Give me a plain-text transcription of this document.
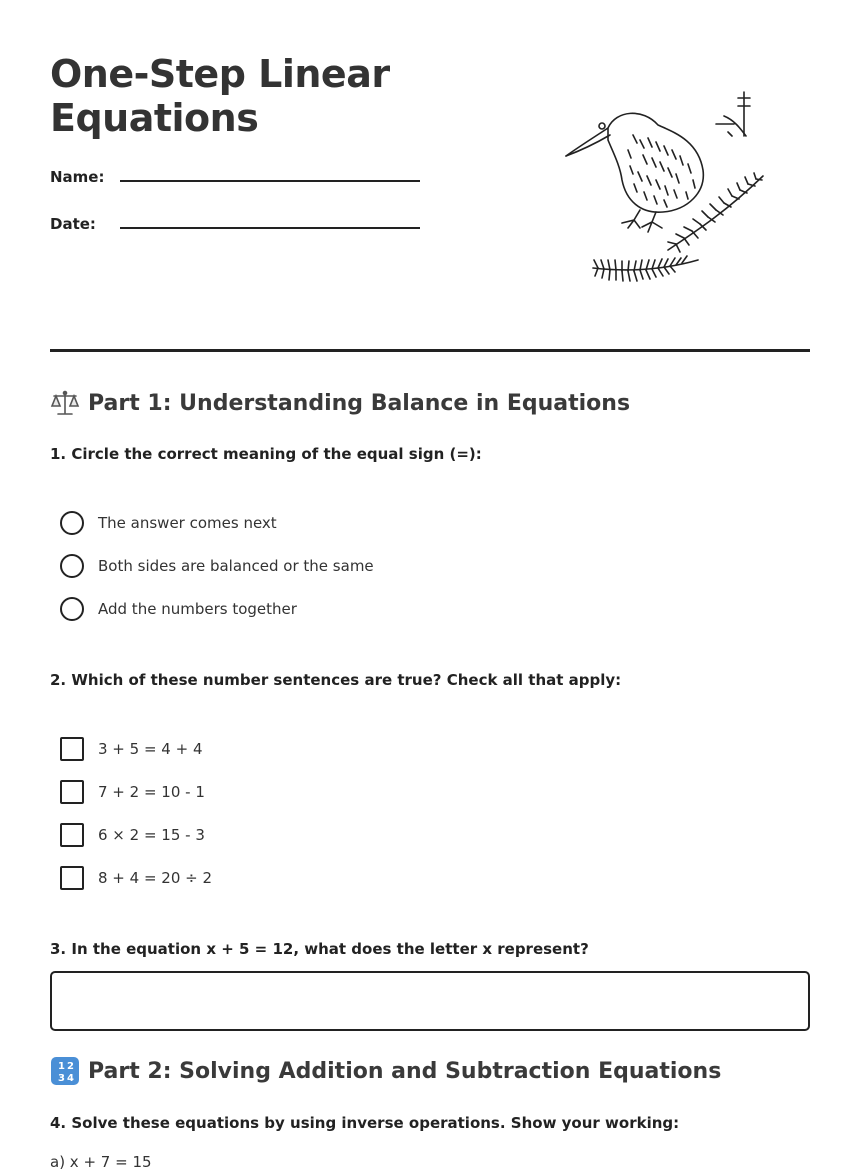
One-Step Linear Equations
Name:
Date:
Part 1: Understanding Balance in Equations

1. Circle the correct meaning of the equal sign (=):

The answer comes next
Both sides are balanced or the same
Add the numbers together

2. Which of these number sentences are true? Check all that apply:

3 + 5 = 4 + 4
7 + 2 = 10 - 1
6 × 2 = 15 - 3
8 + 4 = 20 ÷ 2

3. In the equation x + 5 = 12, what does the letter x represent?

1 2
3 4 Part 2: Solving Addition and Subtraction Equations

4. Solve these equations by using inverse operations. Show your working:

a) x + 7 = 15
